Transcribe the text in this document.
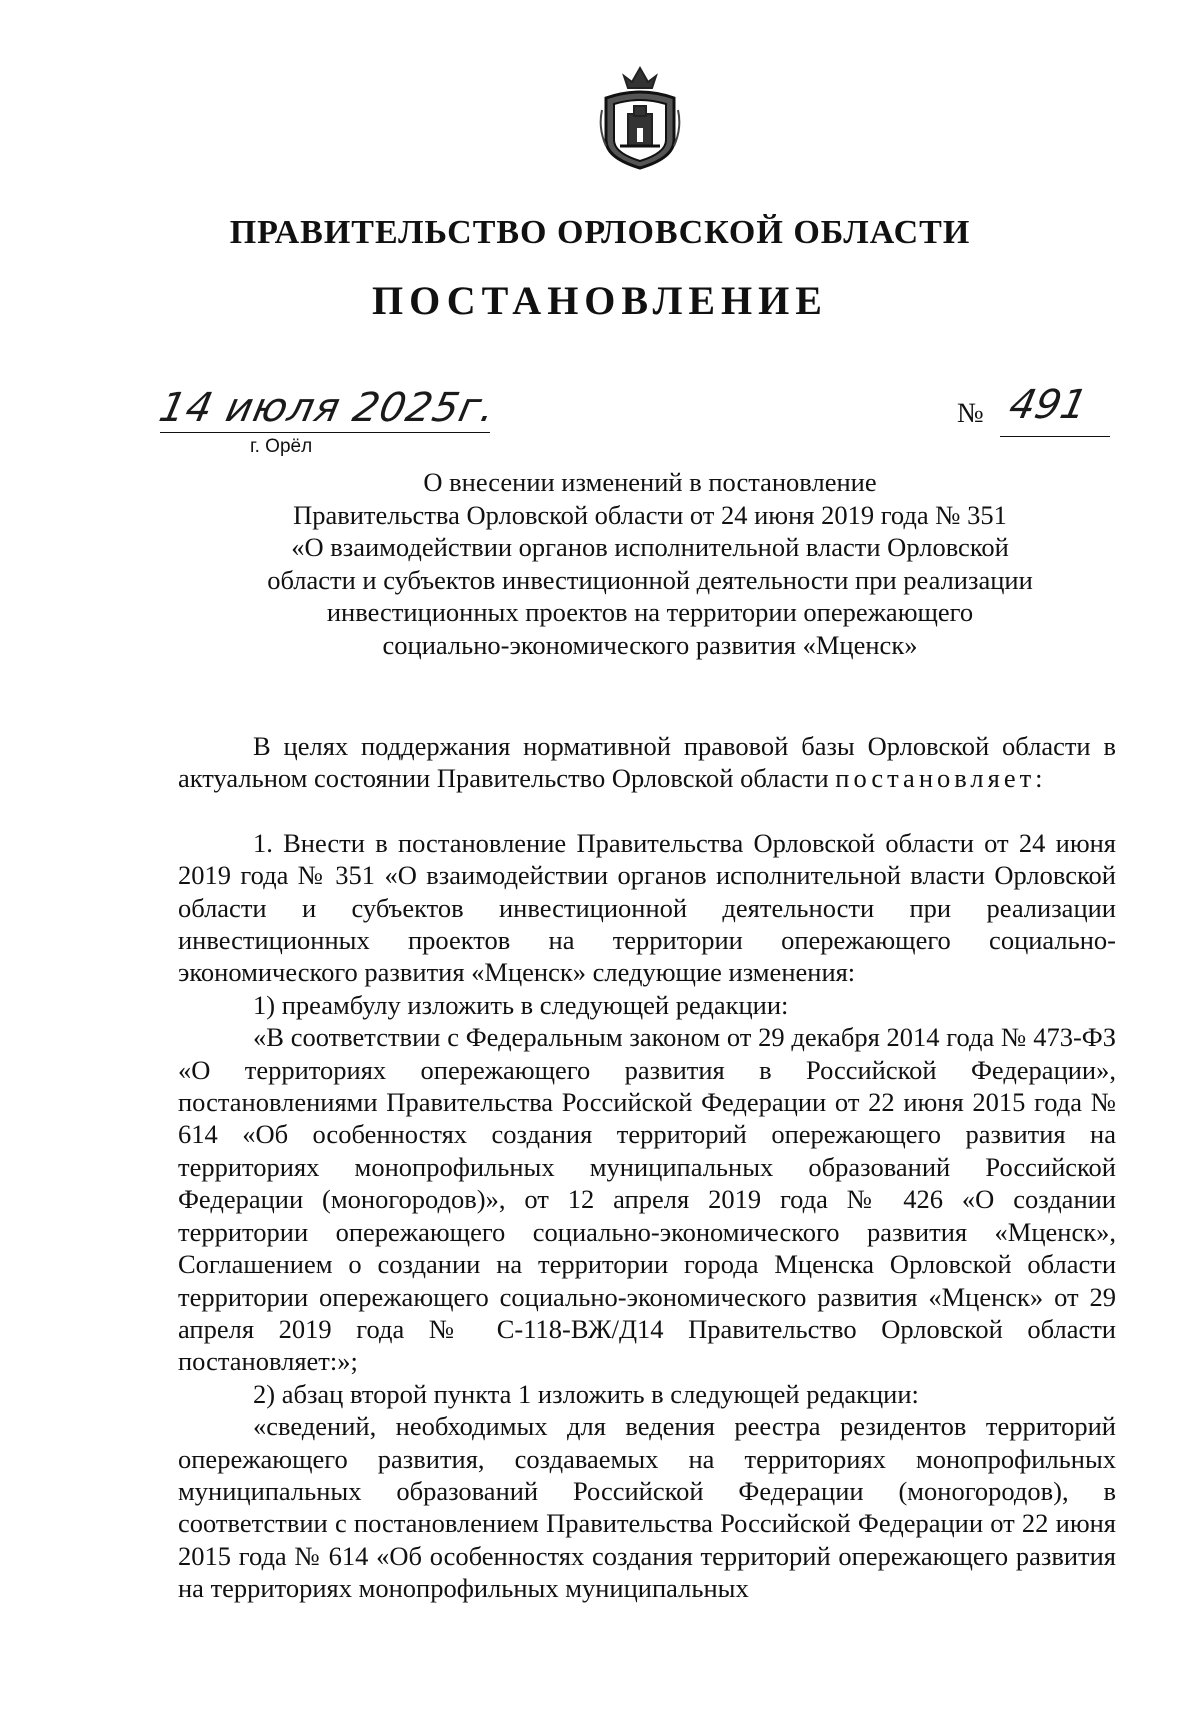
ПРАВИТЕЛЬСТВО ОРЛОВСКОЙ ОБЛАСТИ
ПОСТАНОВЛЕНИЕ
14 июля 2025г.
г. Орёл
№ 491
О внесении изменений в постановление
Правительства Орловской области от 24 июня 2019 года № 351
«О взаимодействии органов исполнительной власти Орловской
области и субъектов инвестиционной деятельности при реализации
инвестиционных проектов на территории опережающего
социально-экономического развития «Мценск»

В целях поддержания нормативной правовой базы Орловской области в актуальном состоянии Правительство Орловской области постановляет:

1. Внести в постановление Правительства Орловской области от 24 июня 2019 года № 351 «О взаимодействии органов исполнительной власти Орловской области и субъектов инвестиционной деятельности при реализации инвестиционных проектов на территории опережающего социально-экономического развития «Мценск» следующие изменения:

1) преамбулу изложить в следующей редакции:

«В соответствии с Федеральным законом от 29 декабря 2014 года № 473-ФЗ «О территориях опережающего развития в Российской Федерации», постановлениями Правительства Российской Федерации от 22 июня 2015 года № 614 «Об особенностях создания территорий опережающего развития на территориях монопрофильных муниципальных образований Российской Федерации (моногородов)», от 12 апреля 2019 года № 426 «О создании территории опережающего социально-экономического развития «Мценск», Соглашением о создании на территории города Мценска Орловской области территории опережающего социально-экономического развития «Мценск» от 29 апреля 2019 года № С-118-ВЖ/Д14 Правительство Орловской области постановляет:»;

2) абзац второй пункта 1 изложить в следующей редакции:

«сведений, необходимых для ведения реестра резидентов территорий опережающего развития, создаваемых на территориях монопрофильных муниципальных образований Российской Федерации (моногородов), в соответствии с постановлением Правительства Российской Федерации от 22 июня 2015 года № 614 «Об особенностях создания территорий опережающего развития на территориях монопрофильных муниципальных
